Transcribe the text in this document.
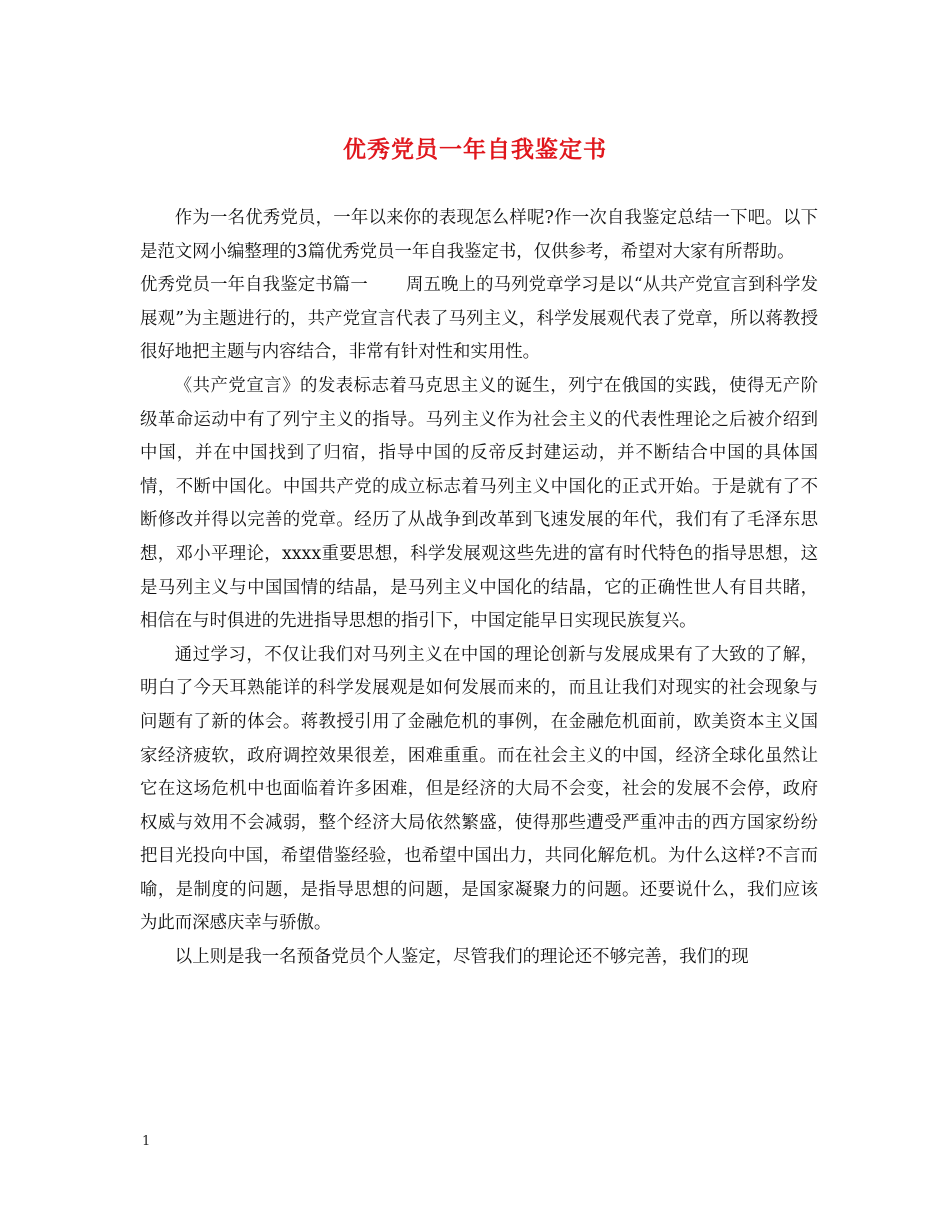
优秀党员一年自我鉴定书

作为一名优秀党员，一年以来你的表现怎么样呢?作一次自我鉴定总结一下吧。以下是范文网小编整理的3篇优秀党员一年自我鉴定书，仅供参考，希望对大家有所帮助。

优秀党员一年自我鉴定书篇一 周五晚上的马列党章学习是以“从共产党宣言到科学发展观”为主题进行的，共产党宣言代表了马列主义，科学发展观代表了党章，所以蒋教授很好地把主题与内容结合，非常有针对性和实用性。

《共产党宣言》的发表标志着马克思主义的诞生，列宁在俄国的实践，使得无产阶级革命运动中有了列宁主义的指导。马列主义作为社会主义的代表性理论之后被介绍到中国，并在中国找到了归宿，指导中国的反帝反封建运动，并不断结合中国的具体国情，不断中国化。中国共产党的成立标志着马列主义中国化的正式开始。于是就有了不断修改并得以完善的党章。经历了从战争到改革到飞速发展的年代，我们有了毛泽东思想，邓小平理论，xxxx重要思想，科学发展观这些先进的富有时代特色的指导思想，这是马列主义与中国国情的结晶，是马列主义中国化的结晶，它的正确性世人有目共睹，相信在与时俱进的先进指导思想的指引下，中国定能早日实现民族复兴。

通过学习，不仅让我们对马列主义在中国的理论创新与发展成果有了大致的了解，明白了今天耳熟能详的科学发展观是如何发展而来的，而且让我们对现实的社会现象与问题有了新的体会。蒋教授引用了金融危机的事例，在金融危机面前，欧美资本主义国家经济疲软，政府调控效果很差，困难重重。而在社会主义的中国，经济全球化虽然让它在这场危机中也面临着许多困难，但是经济的大局不会变，社会的发展不会停，政府权威与效用不会减弱，整个经济大局依然繁盛，使得那些遭受严重冲击的西方国家纷纷把目光投向中国，希望借鉴经验，也希望中国出力，共同化解危机。为什么这样?不言而喻，是制度的问题，是指导思想的问题，是国家凝聚力的问题。还要说什么，我们应该为此而深感庆幸与骄傲。

以上则是我一名预备党员个人鉴定，尽管我们的理论还不够完善，我们的现

1
